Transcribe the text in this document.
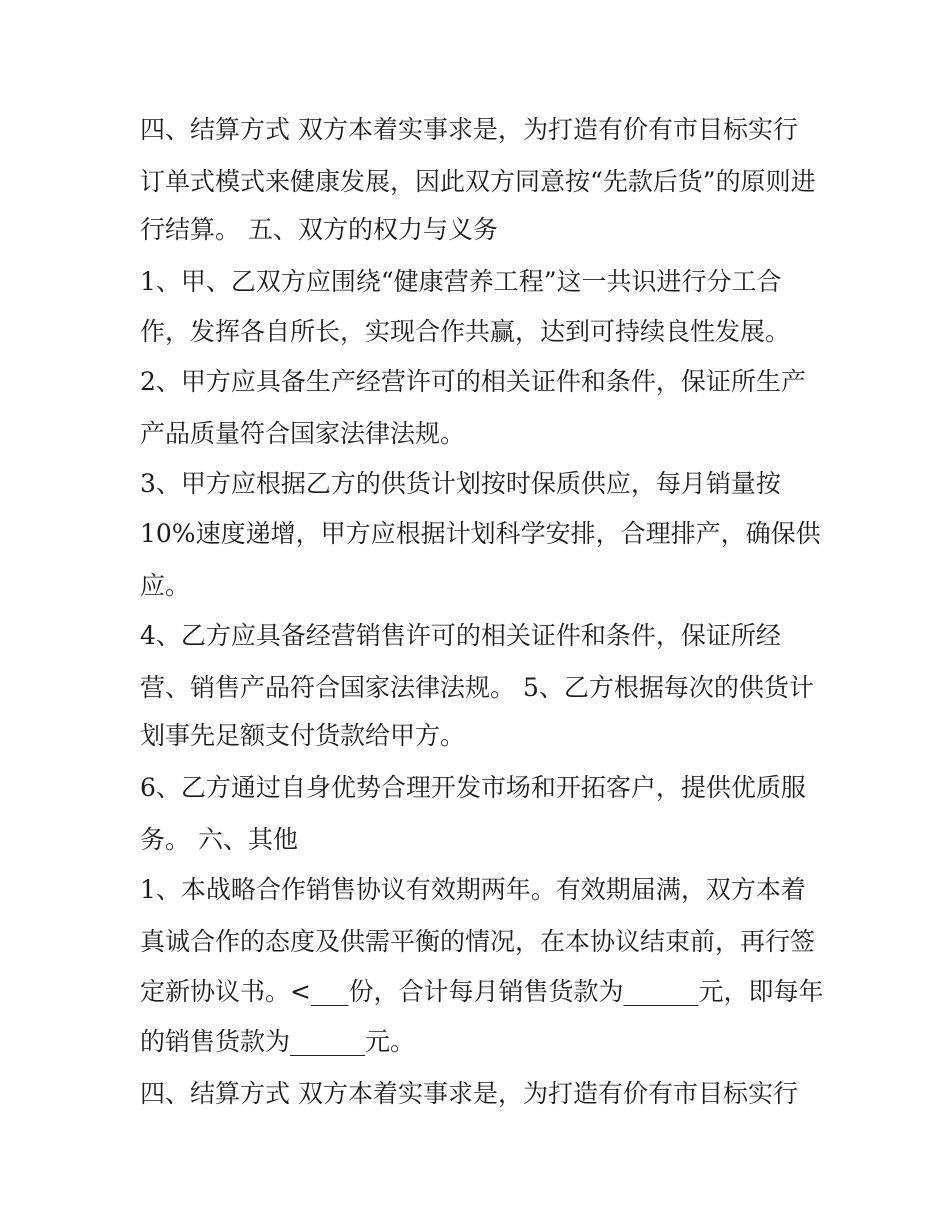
四、结算方式 双方本着实事求是，为打造有价有市目标实行
订单式模式来健康发展，因此双方同意按“先款后货”的原则进
行结算。 五、双方的权力与义务
1、甲、乙双方应围绕“健康营养工程”这一共识进行分工合
作，发挥各自所长，实现合作共赢，达到可持续良性发展。
2、甲方应具备生产经营许可的相关证件和条件，保证所生产
产品质量符合国家法律法规。
3、甲方应根据乙方的供货计划按时保质供应，每月销量按
10%速度递增，甲方应根据计划科学安排，合理排产，确保供
应。
4、乙方应具备经营销售许可的相关证件和条件，保证所经
营、销售产品符合国家法律法规。 5、乙方根据每次的供货计
划事先足额支付货款给甲方。
6、乙方通过自身优势合理开发市场和开拓客户，提供优质服
务。 六、其他
1、本战略合作销售协议有效期两年。有效期届满，双方本着
真诚合作的态度及供需平衡的情况，在本协议结束前，再行签
定新协议书。<___份，合计每月销售货款为______元，即每年
的销售货款为______元。
四、结算方式 双方本着实事求是，为打造有价有市目标实行
